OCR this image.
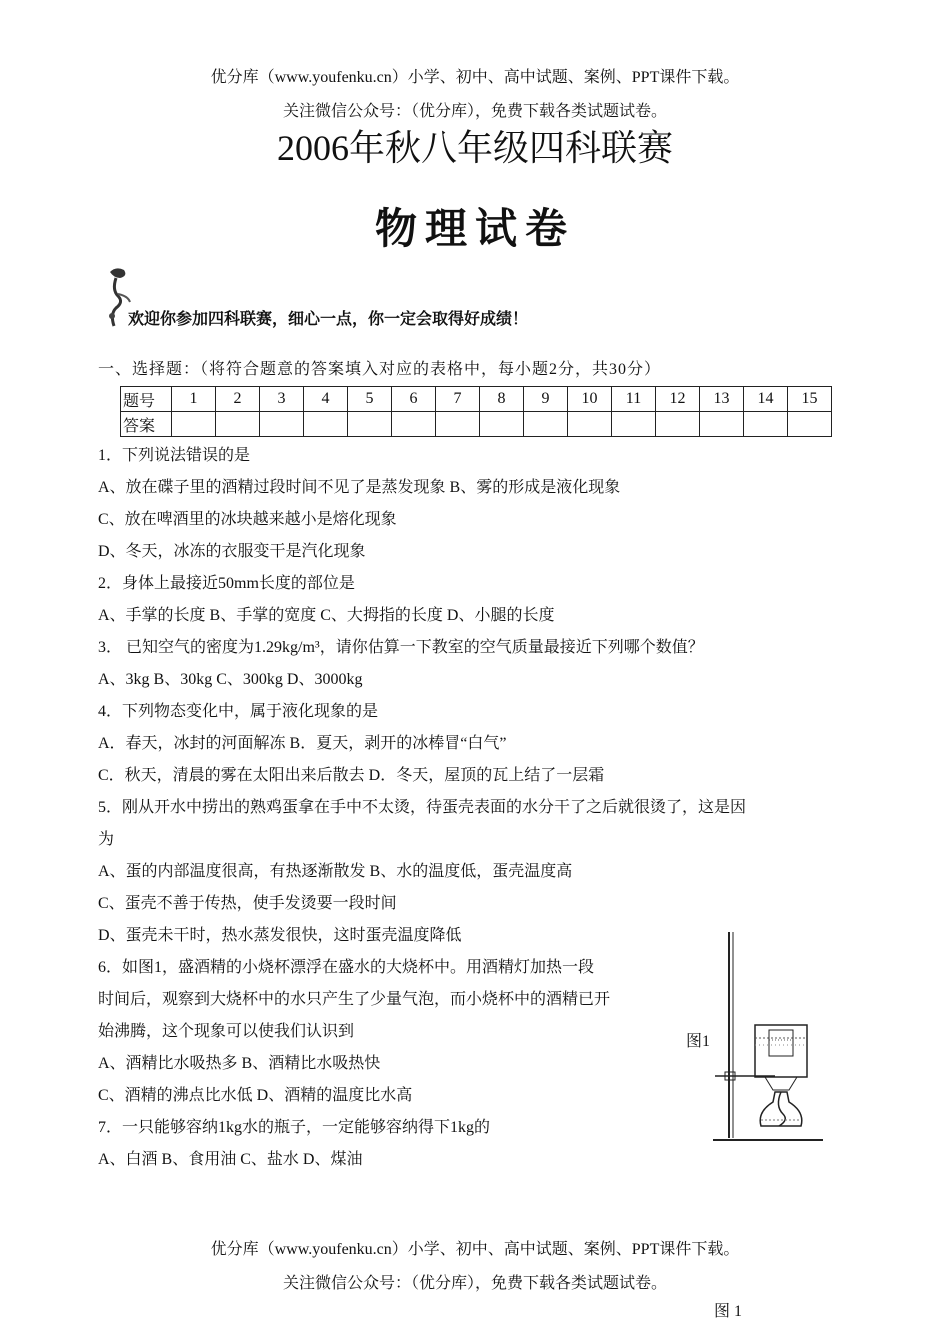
优分库（www.youfenku.cn）小学、初中、高中试题、案例、PPT课件下载。
关注微信公众号：（优分库），免费下载各类试题试卷。
2006年秋八年级四科联赛
物理试卷
欢迎你参加四科联赛，细心一点，你一定会取得好成绩！
一、选择题：（将符合题意的答案填入对应的表格中，每小题2分，共30分）
题号	1	2	3	4	5	6	7	8	9	10	11	12	13	14	15
答案															
1．下列说法错误的是
A、放在碟子里的酒精过段时间不见了是蒸发现象 B、雾的形成是液化现象
C、放在啤酒里的冰块越来越小是熔化现象
D、冬天，冰冻的衣服变干是汽化现象
2．身体上最接近50mm长度的部位是
A、手掌的长度 B、手掌的宽度 C、大拇指的长度 D、小腿的长度
3． 已知空气的密度为1.29kg/m³，请你估算一下教室的空气质量最接近下列哪个数值？
A、3kg B、30kg C、300kg D、3000kg
4．下列物态变化中，属于液化现象的是
A．春天，冰封的河面解冻 B．夏天，剥开的冰棒冒“白气”
C．秋天，清晨的雾在太阳出来后散去 D．冬天，屋顶的瓦上结了一层霜
5．刚从开水中捞出的熟鸡蛋拿在手中不太烫，待蛋壳表面的水分干了之后就很烫了，这是因
为
A、蛋的内部温度很高，有热逐渐散发 B、水的温度低，蛋壳温度高
C、蛋壳不善于传热，使手发烫要一段时间
D、蛋壳未干时，热水蒸发很快，这时蛋壳温度降低
6．如图1，盛酒精的小烧杯漂浮在盛水的大烧杯中。用酒精灯加热一段
时间后，观察到大烧杯中的水只产生了少量气泡，而小烧杯中的酒精已开
始沸腾，这个现象可以使我们认识到
A、酒精比水吸热多 B、酒精比水吸热快
C、酒精的沸点比水低 D、酒精的温度比水高
7．一只能够容纳1kg水的瓶子，一定能够容纳得下1kg的
A、白酒 B、食用油 C、盐水 D、煤油
图1
优分库（www.youfenku.cn）小学、初中、高中试题、案例、PPT课件下载。
关注微信公众号：（优分库），免费下载各类试题试卷。
图 1
